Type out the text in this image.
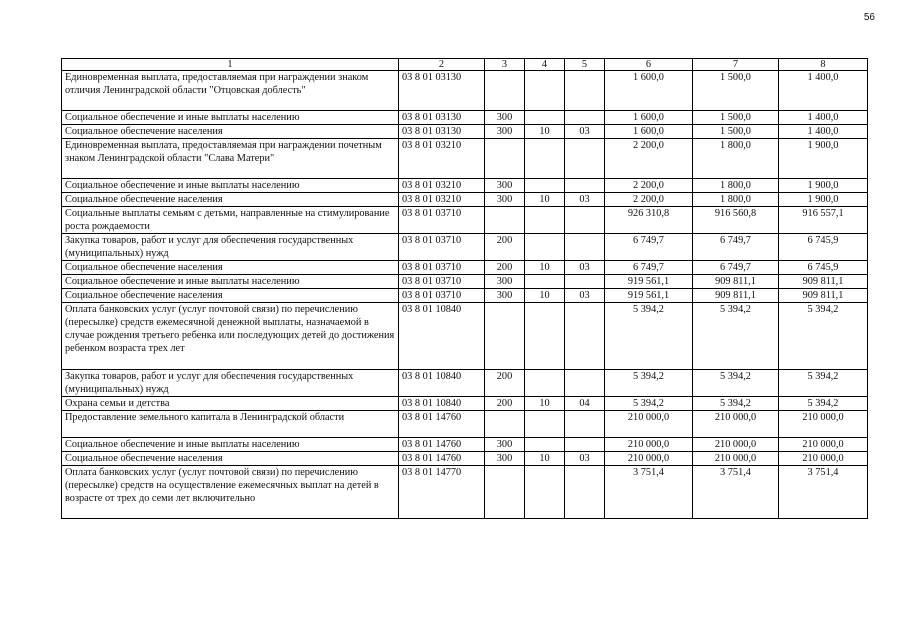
56
1	2	3	4	5	6	7	8
Единовременная выплата, предоставляемая при награждении знаком отличия Ленинградской области "Отцовская доблесть"	03 8 01 03130				1 600,0	1 500,0	1 400,0
Социальное обеспечение и иные выплаты населению	03 8 01 03130	300			1 600,0	1 500,0	1 400,0
Социальное обеспечение населения	03 8 01 03130	300	10	03	1 600,0	1 500,0	1 400,0
Единовременная выплата, предоставляемая при награждении почетным знаком Ленинградской области "Слава Матери"	03 8 01 03210				2 200,0	1 800,0	1 900,0
Социальное обеспечение и иные выплаты населению	03 8 01 03210	300			2 200,0	1 800,0	1 900,0
Социальное обеспечение населения	03 8 01 03210	300	10	03	2 200,0	1 800,0	1 900,0
Социальные выплаты семьям с детьми, направленные на стимулирование роста рождаемости	03 8 01 03710				926 310,8	916 560,8	916 557,1
Закупка товаров, работ и услуг для обеспечения государственных (муниципальных) нужд	03 8 01 03710	200			6 749,7	6 749,7	6 745,9
Социальное обеспечение населения	03 8 01 03710	200	10	03	6 749,7	6 749,7	6 745,9
Социальное обеспечение и иные выплаты населению	03 8 01 03710	300			919 561,1	909 811,1	909 811,1
Социальное обеспечение населения	03 8 01 03710	300	10	03	919 561,1	909 811,1	909 811,1
Оплата банковских услуг (услуг почтовой связи) по перечислению (пересылке) средств ежемесячной денежной выплаты, назначаемой в случае рождения третьего ребенка или последующих детей до достижения ребенком возраста трех лет	03 8 01 10840				5 394,2	5 394,2	5 394,2
Закупка товаров, работ и услуг для обеспечения государственных (муниципальных) нужд	03 8 01 10840	200			5 394,2	5 394,2	5 394,2
Охрана семьи и детства	03 8 01 10840	200	10	04	5 394,2	5 394,2	5 394,2
Предоставление земельного капитала в Ленинградской области	03 8 01 14760				210 000,0	210 000,0	210 000,0
Социальное обеспечение и иные выплаты населению	03 8 01 14760	300			210 000,0	210 000,0	210 000,0
Социальное обеспечение населения	03 8 01 14760	300	10	03	210 000,0	210 000,0	210 000,0
Оплата банковских услуг (услуг почтовой связи) по перечислению (пересылке) средств на осуществление ежемесячных выплат на детей в возрасте от трех до семи лет включительно	03 8 01 14770				3 751,4	3 751,4	3 751,4
